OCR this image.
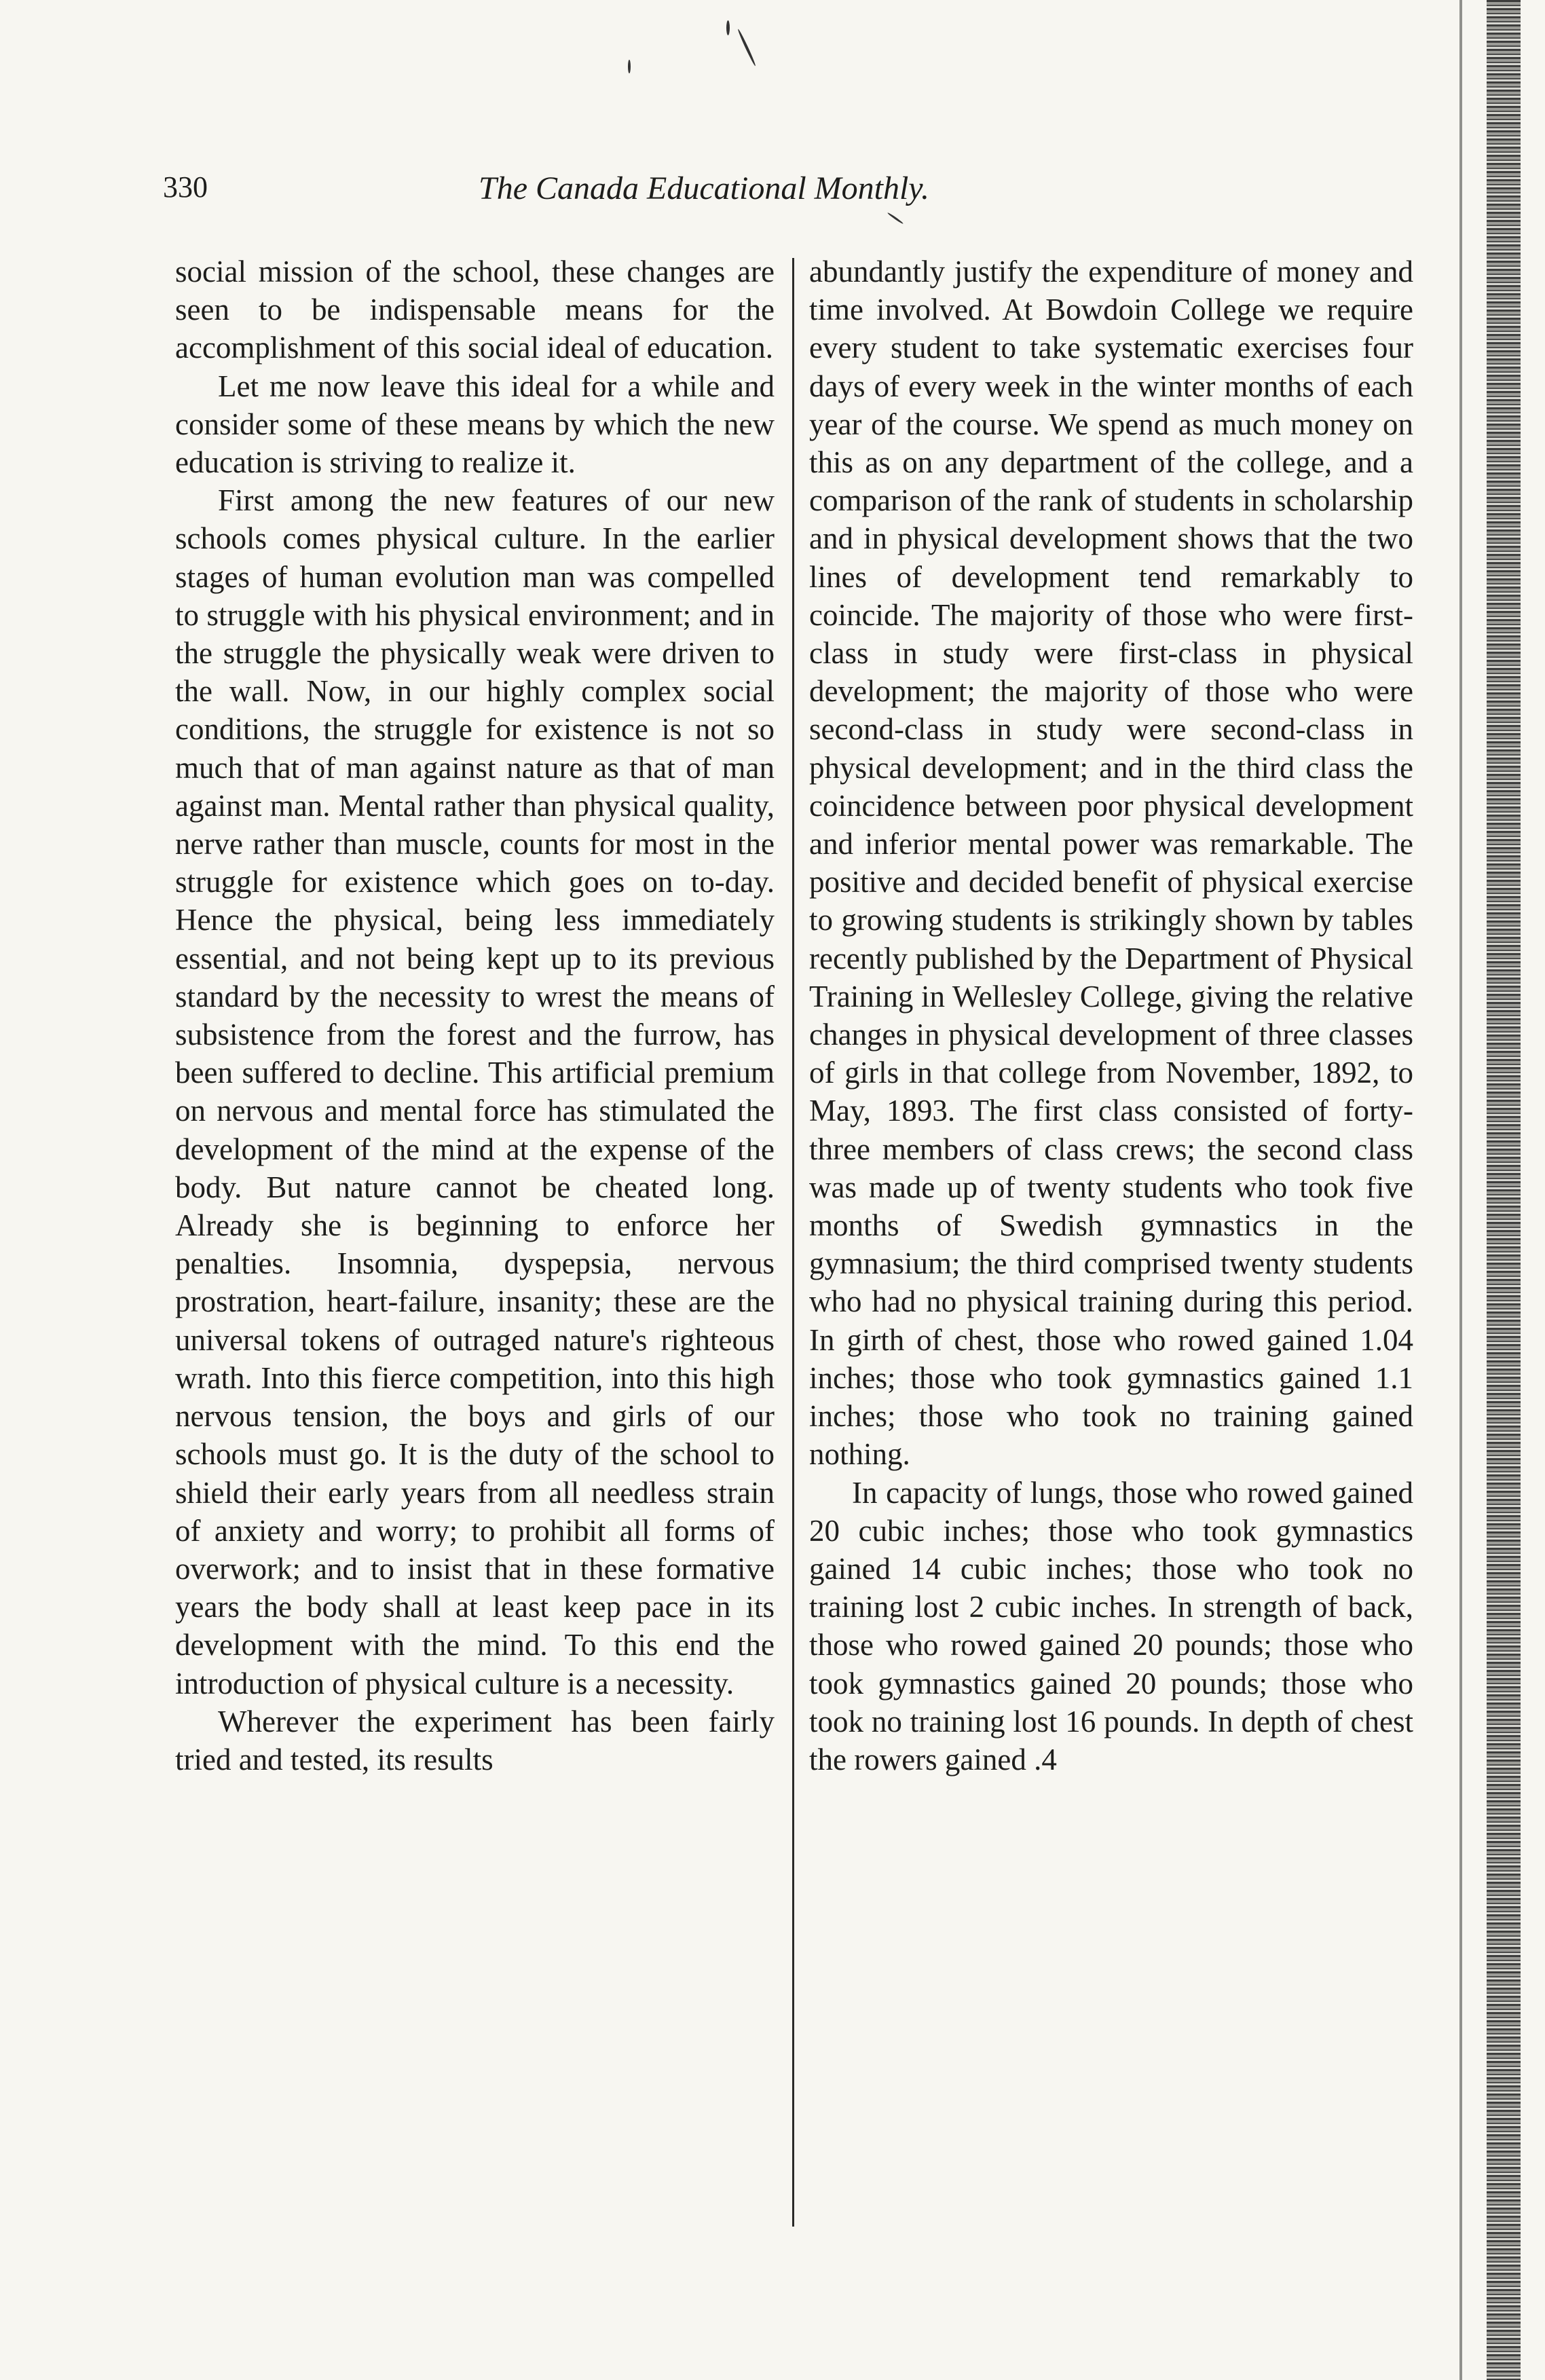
330	The Canada Educational Monthly.

social mission of the school, these changes are seen to be indispensable means for the accomplishment of this social ideal of education.

Let me now leave this ideal for a while and consider some of these means by which the new education is striving to realize it.

First among the new features of our new schools comes physical culture. In the earlier stages of human evolution man was compelled to struggle with his physical environment; and in the struggle the physically weak were driven to the wall. Now, in our highly complex social conditions, the struggle for existence is not so much that of man against nature as that of man against man. Mental rather than physical quality, nerve rather than muscle, counts for most in the struggle for existence which goes on to-day. Hence the physical, being less immediately essential, and not being kept up to its previous standard by the necessity to wrest the means of subsistence from the forest and the furrow, has been suffered to decline. This artificial premium on nervous and mental force has stimulated the development of the mind at the expense of the body. But nature cannot be cheated long. Already she is beginning to enforce her penalties. Insomnia, dyspepsia, nervous prostration, heart-failure, insanity; these are the universal tokens of outraged nature's righteous wrath. Into this fierce competition, into this high nervous tension, the boys and girls of our schools must go. It is the duty of the school to shield their early years from all needless strain of anxiety and worry; to prohibit all forms of overwork; and to insist that in these formative years the body shall at least keep pace in its development with the mind. To this end the introduction of physical culture is a necessity.

Wherever the experiment has been fairly tried and tested, its results

abundantly justify the expenditure of money and time involved. At Bowdoin College we require every student to take systematic exercises four days of every week in the winter months of each year of the course. We spend as much money on this as on any department of the college, and a comparison of the rank of students in scholarship and in physical development shows that the two lines of development tend remarkably to coincide. The majority of those who were first-class in study were first-class in physical development; the majority of those who were second-class in study were second-class in physical development; and in the third class the coincidence between poor physical development and inferior mental power was remarkable. The positive and decided benefit of physical exercise to growing students is strikingly shown by tables recently published by the Department of Physical Training in Wellesley College, giving the relative changes in physical development of three classes of girls in that college from November, 1892, to May, 1893. The first class consisted of forty-three members of class crews; the second class was made up of twenty students who took five months of Swedish gymnastics in the gymnasium; the third comprised twenty students who had no physical training during this period. In girth of chest, those who rowed gained 1.04 inches; those who took gymnastics gained 1.1 inches; those who took no training gained nothing.

In capacity of lungs, those who rowed gained 20 cubic inches; those who took gymnastics gained 14 cubic inches; those who took no training lost 2 cubic inches. In strength of back, those who rowed gained 20 pounds; those who took gymnastics gained 20 pounds; those who took no training lost 16 pounds. In depth of chest the rowers gained .4
